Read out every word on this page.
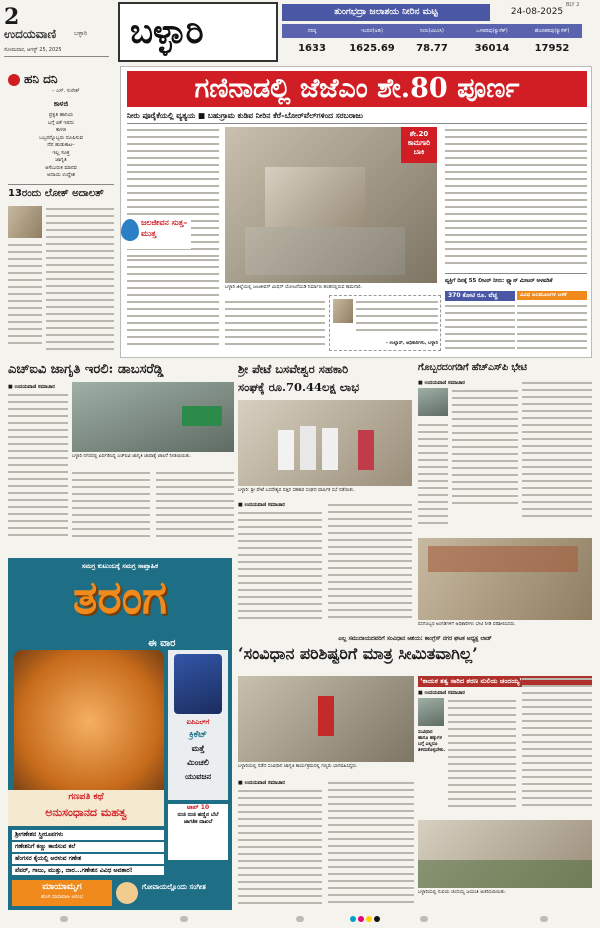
2
ಉದಯವಾಣಿ	ಬಳ್ಳಾರಿ
ಸೋಮವಾರ, ಆಗಸ್ಟ್ 25, 2025 ಬಳ್ಳಾರಿ	ತುಂಗಭದ್ರಾ ಜಲಾಶಯ ನೀರಿನ ಮಟ್ಟ	24-08-2025
ಗರಿಷ್ಠ	ಇಂದಿನ(ಅಡಿ)	ನೀರು(ಟಿಎಂಸಿ)	ಒಳಹರಿವು(ಕ್ಯುಸೆಕ್)	ಹೊರಹರಿವು(ಕ್ಯುಸೆಕ್)
1633	1625.69	78.77	36014	17952
BLY 2
ಹನಿ ದನಿ
– ಎಸ್. ಸುರೇಶ್
ಕಾಳಜಿ
ಪ್ರಕೃತಿ ಹಾನಿಯ
ಬಗ್ಗೆ ಏಕೆ ಇರದು
ಕಾಳಜಿ
ಒಬ್ಬರನ್ನೊಬ್ಬರು ದೂಷಿಸುವ
ನೆಪ ಹುಡುಕಾಟ–
ಇಲ್ಲ ಸೂಕ್ತ
ಜಾಗೃತಿ
ಆಸೆಬುರುಕ ಮಾನವ
ಆದಾಯ ಉದ್ದೇಶ
13ರಂದು ಲೋಕ್ ಅದಾಲತ್
ಗಣಿನಾಡಲ್ಲಿ ಜೆಜೆಎಂ ಶೇ.80 ಪೂರ್ಣ
ನೀರು ಪೂರೈಕೆಯಲ್ಲಿ ವ್ಯತ್ಯಯ ■ ಬಹುಗ್ರಾಮ ಕುಡಿವ ನೀರಿನ ಕೆರೆ–ಬೋರ್‌ವೆಲ್‌ಗಳಿಂದ ಸರಬರಾಜು
ಜಲಜೀವನ ಸುತ್ತ–ಮುತ್ತ
ಶೇ.20 ಕಾಮಗಾರಿ ಬಾಕಿ
ಬಳ್ಳಾರಿ ಜಿಲ್ಲೆಯಲ್ಲಿ ಜಲಜೀವನ್ ಮಿಷನ್ ಯೋಜನೆಯಡಿ ನಿರ್ಮಾಣ ಹಂತದಲ್ಲಿರುವ ಕಾಮಗಾರಿ.
– ಉಲ್ಲಾಸ್, ಅಧಿಕಾರಿಗಳು, ಬಳ್ಳಾರಿ
ವ್ಯಕ್ತಿಗೆ ದಿನಕ್ಕೆ 55 ಲೀಟರ್ ನೀರು: ಪ್ಲ್ಯಾನ್ ಮೀಟರ್ ಅಳವಡಿಕೆ
370 ಕೋಟಿ ರೂ. ವೆಚ್ಚ	ವಿವಿಧ ಜಲಮೂಲಗಳ ಬಳಕೆ
ಎಚ್‌ಐವಿ ಜಾಗೃತಿ ಇರಲಿ: ಡಾಬಸರೆಡ್ಡಿ
■ ಉದಯವಾಣಿ ಸಮಾಚಾರ
ಬಳ್ಳಾರಿ ನಗರದಲ್ಲಿ ಏರ್ಪಡಿಸಿದ್ದ ಎಚ್‌ಐವಿ ಜಾಗೃತಿ ಜಾಥಾಕ್ಕೆ ಚಾಲನೆ ನೀಡಲಾಯಿತು.
ಶ್ರೀ ಪೇಟೆ ಬಸವೇಶ್ವರ ಸಹಕಾರಿ
ಸಂಘಕ್ಕೆ ರೂ.70.44ಲಕ್ಷ ಲಾಭ
ಬಳ್ಳಾರಿ: ಶ್ರೀ ಪೇಟೆ ಬಸವೇಶ್ವರ ಪತ್ತಿನ ಸಹಕಾರ ಸಂಘದ ವಾರ್ಷಿಕ ಸಭೆ ನಡೆಯಿತು.
■ ಉದಯವಾಣಿ ಸಮಾಚಾರ
ಗೊಬ್ಬರದಂಗಡಿಗೆ ಹೆಚ್‌ಎಸ್‌ಪಿ ಭೇಟಿ
■ ಉದಯವಾಣಿ ಸಮಾಚಾರ
ರಸಗೊಬ್ಬರ ಅಂಗಡಿಗಳಿಗೆ ಅಧಿಕಾರಿಗಳು ಭೇಟಿ ನೀಡಿ ಪರಿಶೀಲಿಸಿದರು.
ಸಮಗ್ರ ಕುಟುಂಬಕ್ಕೆ ಸಮಗ್ರ ಸಾಪ್ತಾಹಿಕ
ತರಂಗ
ಈ ವಾರ
ಐಪಿಎಲ್‌ಗೆ
ಕ್ರಿಕೆಟ್
ಮತ್ತೆ
ಮಿಂಚಲಿ
ಯುವಜನ
ಗಣಪತಿ ಕಥೆ
ಅನುಸಂಧಾನದ ಮಹತ್ವ
ಶ್ರೀಗಣೇಶನ ಸ್ತ್ರೀರೂಪಗಳು
ಗಣೇಶನಿಗೆ ಕಣ್ಣು ಕಾಣಿಸುವ ಕಲೆ
ಹೆಂಗಸರ ಕೈಯಲ್ಲಿ ಅರಳುವ ಗಣೇಶ
ಪೆಪರ್, ಗಾಜು, ಮುತ್ತು, ದಾರ...ಗಣೇಶನ ವಿವಿಧ ಅವತಾರ!
ಟಾಪ್ 10
ರುಚಿ ರುಚಿ ಹಣ್ಣಿನ ಬೆಲೆ ಜಾಗತಿಕ ದಾಖಲೆ
ಮಾಯಾಮೃಗ
ಹೊಸ ಧಾರಾವಾಹಿ ಆರಂಭ
ಗೋವಾಯಲ್ಲೊಂದು ಸಂಗೀತ
ಎಲ್ಲ ಸಮುದಾಯದವರಿಗೆ ಸಂವಿಧಾನ ಆಶಯ: ಕಾಂಗ್ರೆಸ್ ನಗರ ಘಟಕ ಅಧ್ಯಕ್ಷ ಲಾಡ್
‘ಸಂವಿಧಾನ ಪರಿಶಿಷ್ಟರಿಗೆ ಮಾತ್ರ ಸೀಮಿತವಾಗಿಲ್ಲ’
ಬಳ್ಳಾರಿಯಲ್ಲಿ ನಡೆದ ಸಂವಿಧಾನ ಜಾಗೃತಿ ಕಾರ್ಯಕ್ರಮದಲ್ಲಿ ಗಣ್ಯರು ಭಾಗವಹಿಸಿದ್ದರು.
■ ಉದಯವಾಣಿ ಸಮಾಚಾರ
‘ಕಾಯಕ ತತ್ವ ಸಾರಿದ ಶರಣ ನುಲಿಯ ಚಂದಯ್ಯ’
■ ಉದಯವಾಣಿ ಸಮಾಚಾರ
ಸಂವಿಧಾನ ಹಾಗೂ ಹಕ್ಕುಗಳ ಬಗ್ಗೆ ಎಲ್ಲರೂ ತಿಳಿದುಕೊಳ್ಳಬೇಕು.
ಬಳ್ಳಾರಿಯಲ್ಲಿ ನುಲಿಯ ಚಂದಯ್ಯ ಜಯಂತಿ ಆಚರಿಸಲಾಯಿತು.
